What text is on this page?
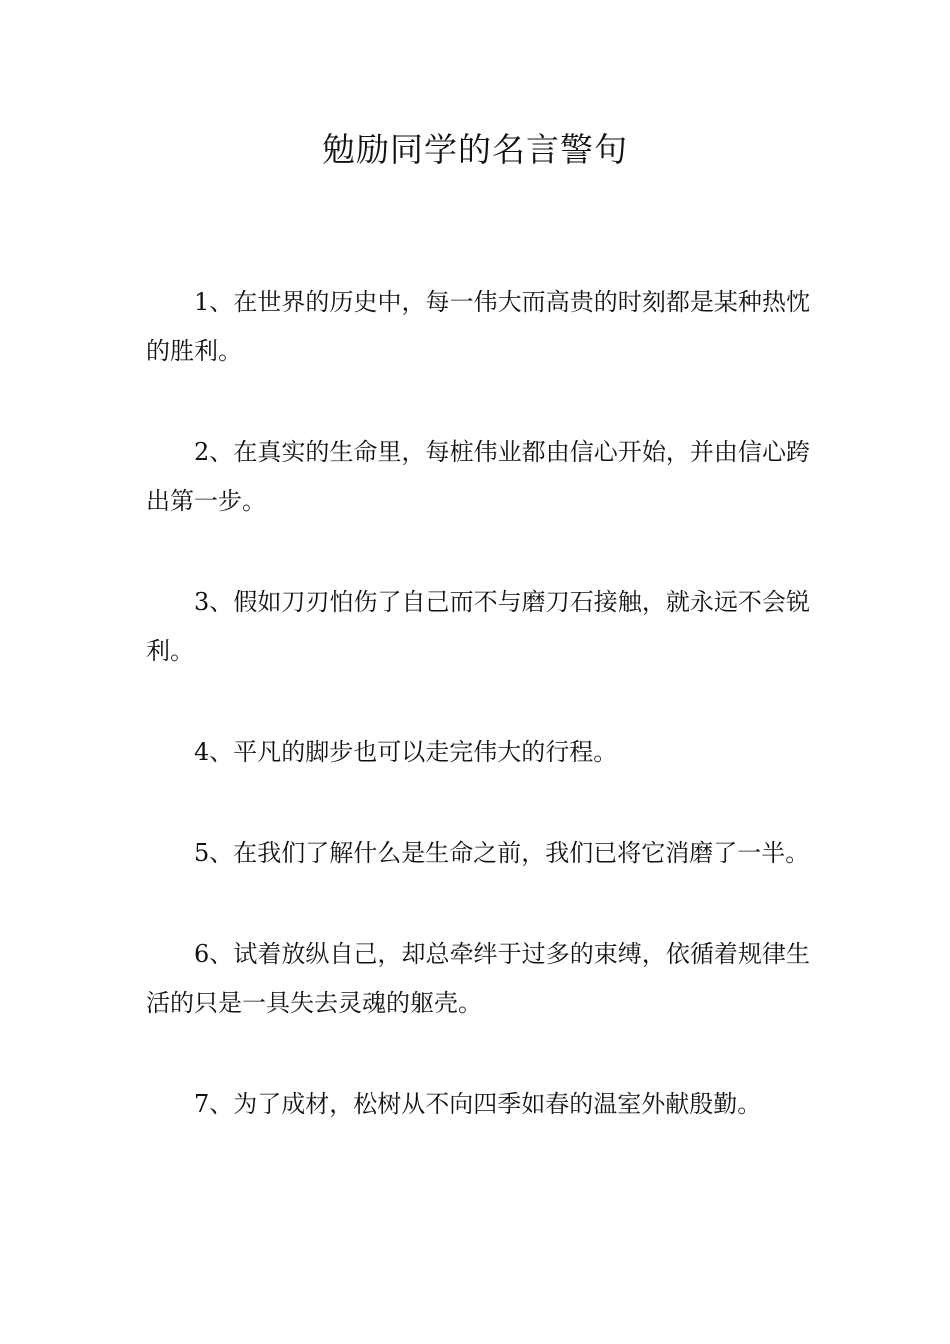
勉励同学的名言警句

1、在世界的历史中，每一伟大而高贵的时刻都是某种热忱的胜利。

2、在真实的生命里，每桩伟业都由信心开始，并由信心跨出第一步。

3、假如刀刃怕伤了自己而不与磨刀石接触，就永远不会锐利。

4、平凡的脚步也可以走完伟大的行程。

5、在我们了解什么是生命之前，我们已将它消磨了一半。

6、试着放纵自己，却总牵绊于过多的束缚，依循着规律生活的只是一具失去灵魂的躯壳。

7、为了成材，松树从不向四季如春的温室外献殷勤。
